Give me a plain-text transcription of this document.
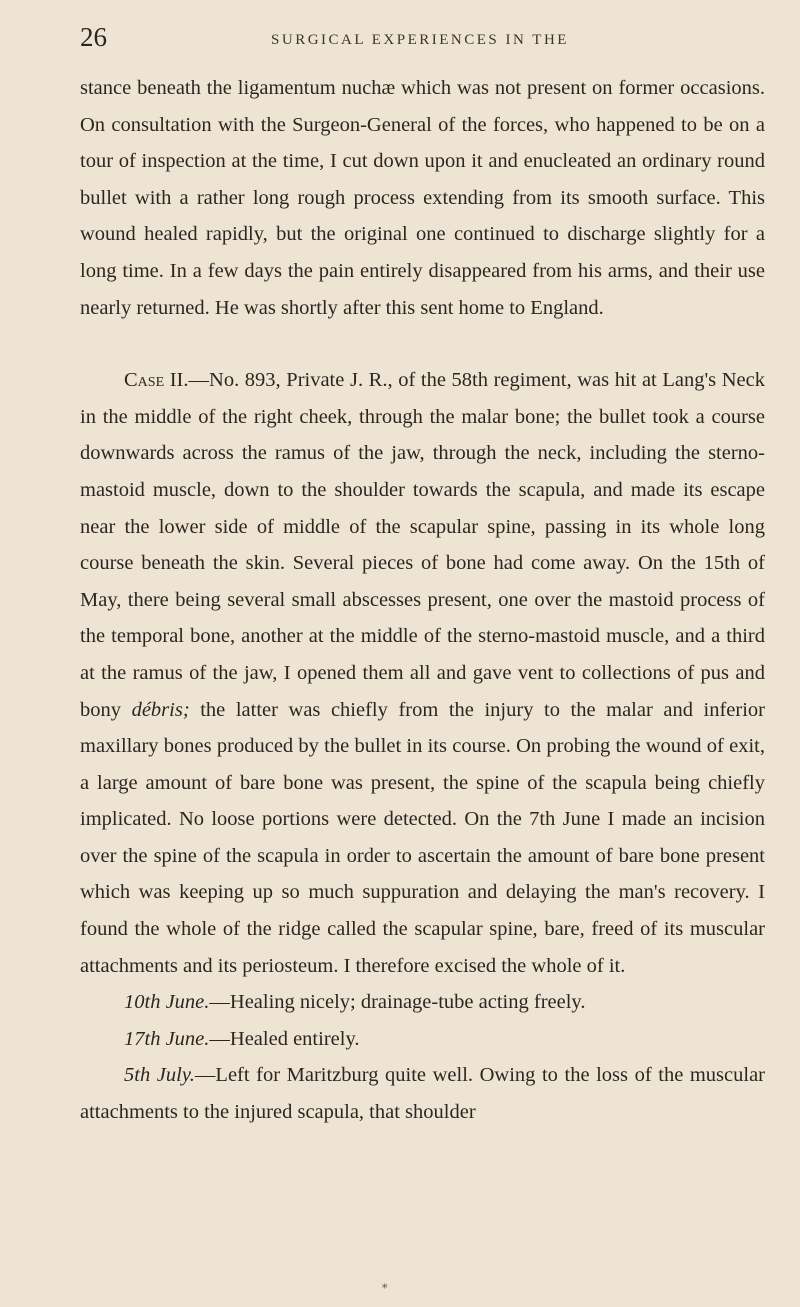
26	SURGICAL EXPERIENCES IN THE

stance beneath the ligamentum nuchæ which was not present on former occasions. On consultation with the Surgeon-General of the forces, who happened to be on a tour of inspection at the time, I cut down upon it and enucleated an ordinary round bullet with a rather long rough process extending from its smooth surface. This wound healed rapidly, but the original one continued to discharge slightly for a long time. In a few days the pain entirely disappeared from his arms, and their use nearly returned. He was shortly after this sent home to England.

Case II.—No. 893, Private J. R., of the 58th regiment, was hit at Lang's Neck in the middle of the right cheek, through the malar bone; the bullet took a course downwards across the ramus of the jaw, through the neck, including the sterno-mastoid muscle, down to the shoulder towards the scapula, and made its escape near the lower side of middle of the scapular spine, passing in its whole long course beneath the skin. Several pieces of bone had come away. On the 15th of May, there being several small abscesses present, one over the mastoid process of the temporal bone, another at the middle of the sterno-mastoid muscle, and a third at the ramus of the jaw, I opened them all and gave vent to collections of pus and bony débris; the latter was chiefly from the injury to the malar and inferior maxillary bones produced by the bullet in its course. On probing the wound of exit, a large amount of bare bone was present, the spine of the scapula being chiefly implicated. No loose portions were detected. On the 7th June I made an incision over the spine of the scapula in order to ascertain the amount of bare bone present which was keeping up so much suppuration and delaying the man's recovery. I found the whole of the ridge called the scapular spine, bare, freed of its muscular attachments and its periosteum. I therefore excised the whole of it.

10th June.—Healing nicely; drainage-tube acting freely.

17th June.—Healed entirely.

5th July.—Left for Maritzburg quite well. Owing to the loss of the muscular attachments to the injured scapula, that shoulder

⁎
